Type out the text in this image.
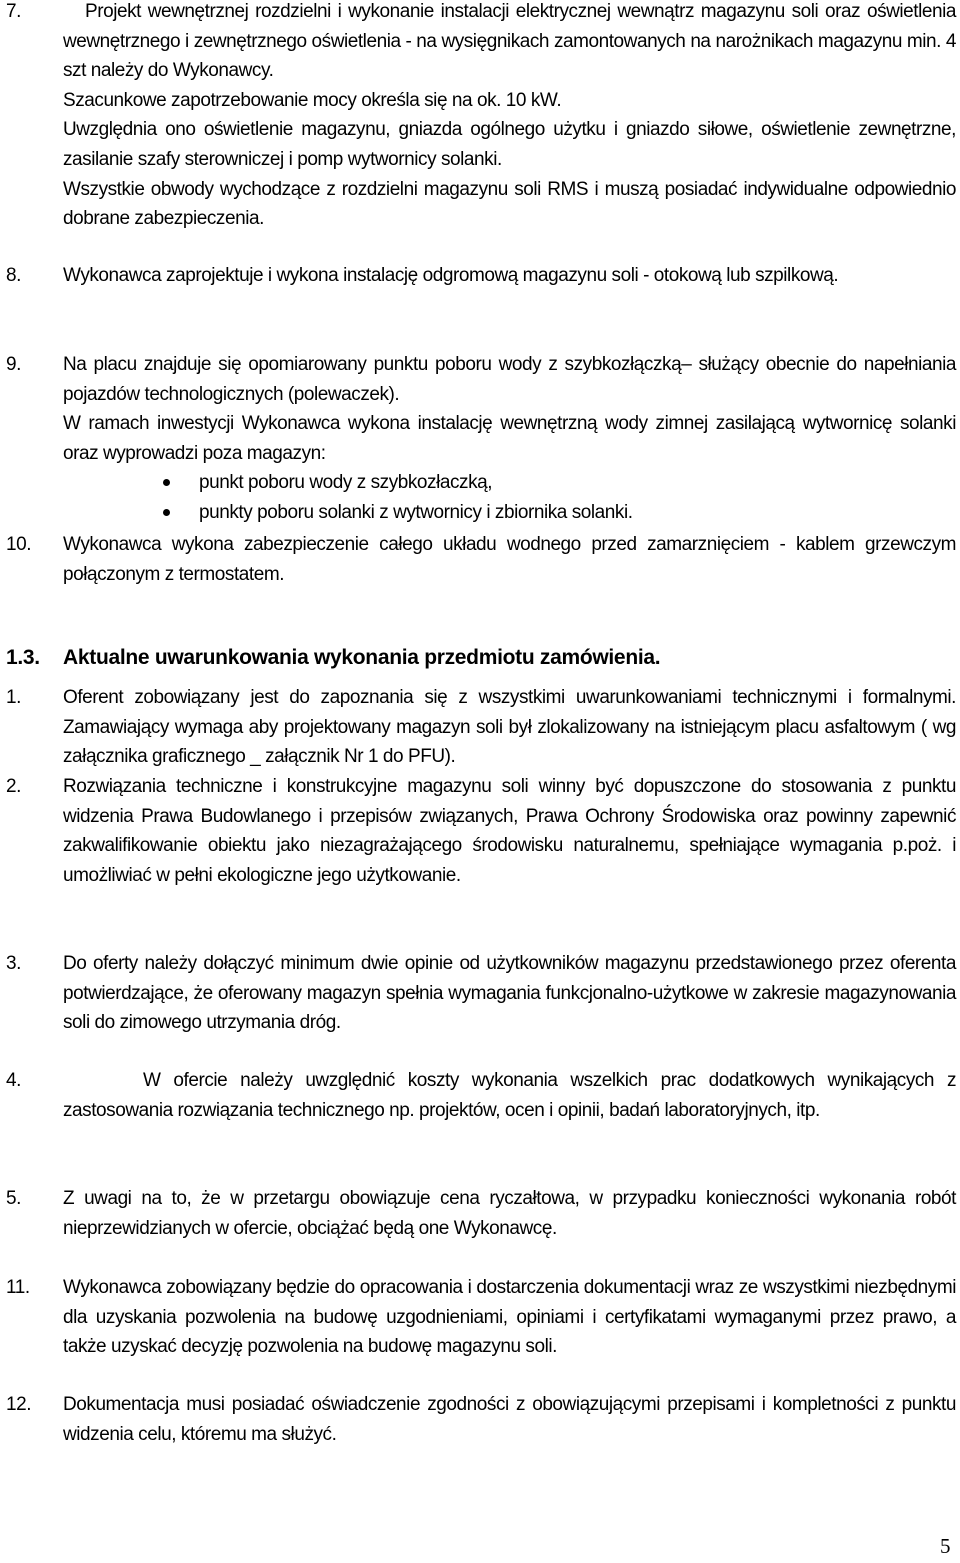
7.	Projekt wewnętrznej rozdzielni i wykonanie instalacji elektrycznej wewnątrz magazynu soli oraz oświetlenia wewnętrznego i zewnętrznego oświetlenia - na wysięgnikach zamontowanych na narożnikach magazynu min. 4 szt należy do Wykonawcy.

Szacunkowe zapotrzebowanie mocy określa się na ok. 10 kW.

Uwzględnia ono oświetlenie magazynu, gniazda ogólnego użytku i gniazdo siłowe, oświetlenie zewnętrzne, zasilanie szafy sterowniczej i pomp wytwornicy solanki.

Wszystkie obwody wychodzące z rozdzielni magazynu soli RMS i muszą posiadać indywidualne odpowiednio dobrane zabezpieczenia.

8. Wykonawca zaprojektuje i wykona instalację odgromową magazynu soli - otokową lub szpilkową.

9. Na placu znajduje się opomiarowany punktu poboru wody z szybkozłączką– służący obecnie do napełniania pojazdów technologicznych (polewaczek).

W ramach inwestycji Wykonawca wykona instalację wewnętrzną wody zimnej zasilającą wytwornicę solanki oraz wyprowadzi poza magazyn:

punkt poboru wody z szybkozłaczką,
punkty poboru solanki z wytwornicy i zbiornika solanki.
10. Wykonawca wykona zabezpieczenie całego układu wodnego przed zamarznięciem - kablem grzewczym połączonym z termostatem.

1.3. Aktualne uwarunkowania wykonania przedmiotu zamówienia.
1. Oferent zobowiązany jest do zapoznania się z wszystkimi uwarunkowaniami technicznymi i formalnymi. Zamawiający wymaga aby projektowany magazyn soli był zlokalizowany na istniejącym placu asfaltowym ( wg załącznika graficznego _ załącznik Nr 1 do PFU).

2. Rozwiązania techniczne i konstrukcyjne magazynu soli winny być dopuszczone do stosowania z punktu widzenia Prawa Budowlanego i przepisów związanych, Prawa Ochrony Środowiska oraz powinny zapewnić zakwalifikowanie obiektu jako niezagrażającego środowisku naturalnemu, spełniające wymagania p.poż. i umożliwiać w pełni ekologiczne jego użytkowanie.

3. Do oferty należy dołączyć minimum dwie opinie od użytkowników magazynu przedstawionego przez oferenta potwierdzające, że oferowany magazyn spełnia wymagania funkcjonalno-użytkowe w zakresie magazynowania soli do zimowego utrzymania dróg.

4.	W ofercie należy uwzględnić koszty wykonania wszelkich prac dodatkowych wynikających z zastosowania rozwiązania technicznego np. projektów, ocen i opinii, badań laboratoryjnych, itp.

5. Z uwagi na to, że w przetargu obowiązuje cena ryczałtowa, w przypadku konieczności wykonania robót nieprzewidzianych w ofercie, obciążać będą one Wykonawcę.

11. Wykonawca zobowiązany będzie do opracowania i dostarczenia dokumentacji wraz ze wszystkimi niezbędnymi dla uzyskania pozwolenia na budowę uzgodnieniami, opiniami i certyfikatami wymaganymi przez prawo, a także uzyskać decyzję pozwolenia na budowę magazynu soli.

12. Dokumentacja musi posiadać oświadczenie zgodności z obowiązującymi przepisami i kompletności z punktu widzenia celu, któremu ma służyć.

5
